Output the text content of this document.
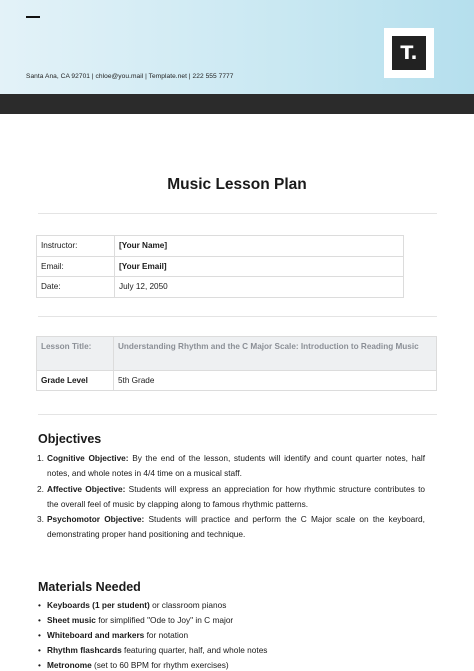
Santa Ana, CA 92701 | chloe@you.mail | Template.net | 222 555 7777
T.
Music Lesson Plan
Instructor:	[Your Name]
Email:	[Your Email]
Date:	July 12, 2050
Lesson Title:	Understanding Rhythm and the C Major Scale: Introduction to Reading Music
Grade Level	5th Grade
Objectives
1. Cognitive Objective: By the end of the lesson, students will identify and count quarter notes, half notes, and whole notes in 4/4 time on a musical staff.
2. Affective Objective: Students will express an appreciation for how rhythmic structure contributes to the overall feel of music by clapping along to famous rhythmic patterns.
3. Psychomotor Objective: Students will practice and perform the C Major scale on the keyboard, demonstrating proper hand positioning and technique.
Materials Needed
• Keyboards (1 per student) or classroom pianos
• Sheet music for simplified "Ode to Joy" in C major
• Whiteboard and markers for notation
• Rhythm flashcards featuring quarter, half, and whole notes
• Metronome (set to 60 BPM for rhythm exercises)
